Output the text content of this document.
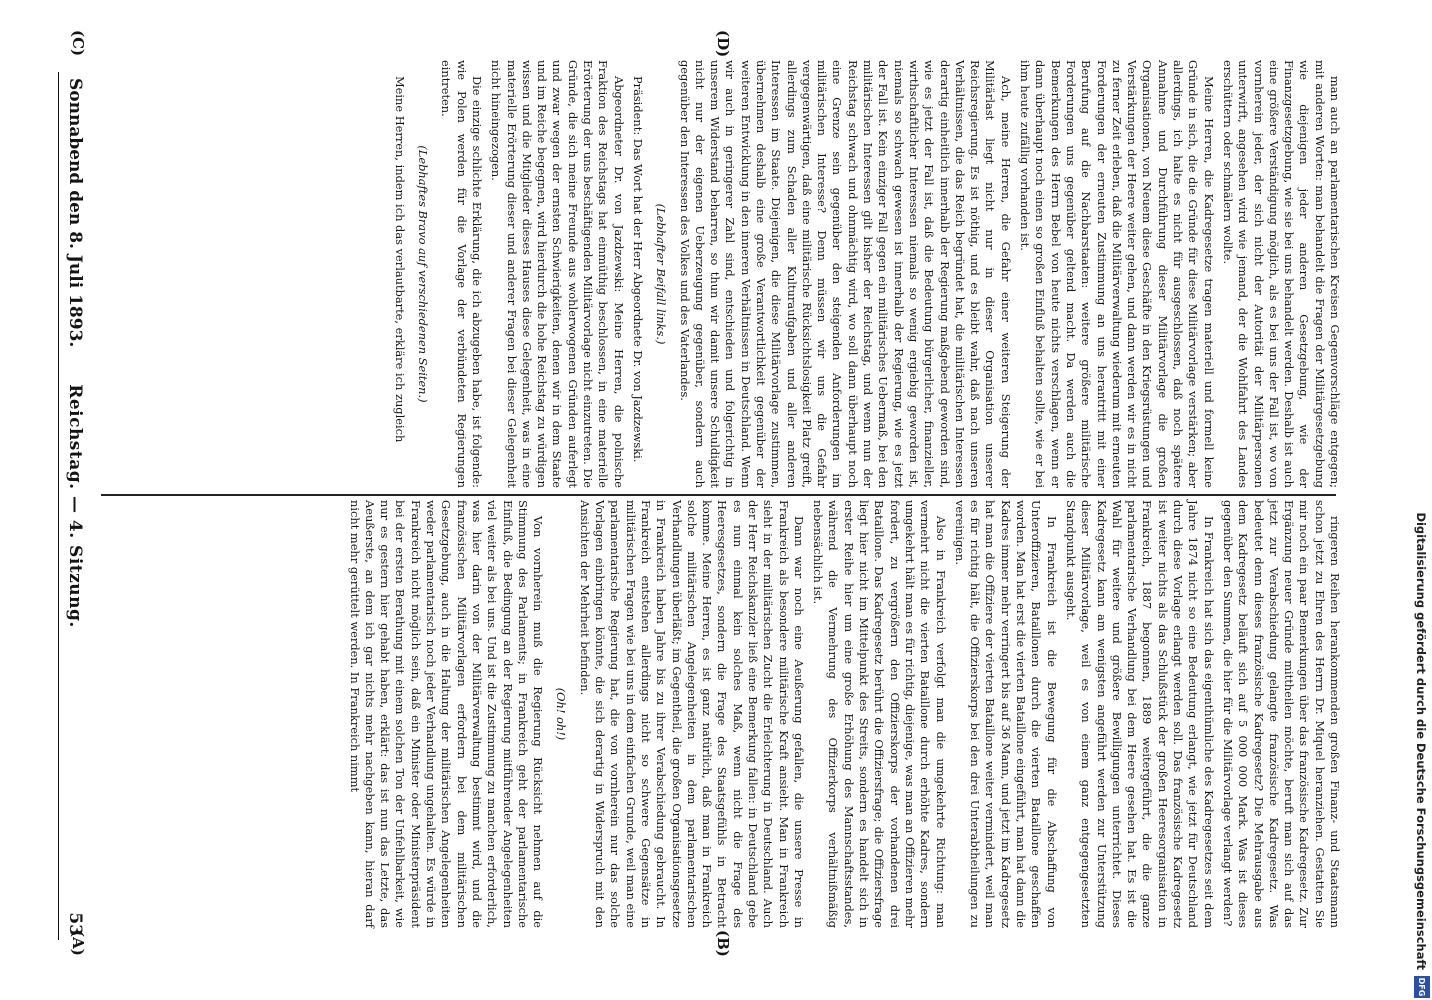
Sonnabend den 8. Juli 1893.
Reichstag. — 4. Sitzung.
53
(A)	(B)
(C)	(D)

ringeren Reihen herankommenden großen Finanz- und Staatsmann schon jetzt zu Ehren des Herrn Dr. Miquel heranziehen. Gestatten Sie mir noch ein paar Bemerkungen über das französische Kadregesetz. Zur Ergänzung neuer Gründe mittheilen möchte, beruft man sich auf das jetzt zur Verabschiedung gelangte französische Kadregesetz. Was bedeutet denn dieses französische Kadregesetz? Die Mehrausgabe aus dem Kadregesetz beläuft sich auf 5 000 000 Mark. Was ist dieses gegenüber den Summen, die hier für die Militärvorlage verlangt werden?

In Frankreich hat sich das eigenthümliche des Kadregesetzes seit dem Jahre 1874 nicht so eine Bedeutung erlangt, wie jetzt für Deutschland durch diese Vorlage erlangt werden soll. Das französische Kadregesetz ist weiter nichts als das Schlußstück der großen Heeresorganisation in Frankreich, 1887 begonnen, 1889 weitergeführt, die die ganze parlamentarische Verhandlung bei dem Heere gesehen hat. Es ist die Wahl für weitere und größere Bewilligungen unterrichtet. Dieses Kadregesetz kann am wenigsten angeführt werden zur Unterstützung dieser Militärvorlage, weil es von einem ganz entgegengesetzten Standpunkt ausgeht.

In Frankreich ist die Bewegung für die Abschaffung von Unteroffizieren, Bataillonen durch die vierten Bataillone geschaffen worden. Man hat erst die vierten Bataillone eingeführt, man hat dann die Kadres immer mehr verringert bis auf 36 Mann, und jetzt im Kadregesetz hat man die Offiziere der vierten Bataillone weiter vermindert, weil man es für richtig hält, die Offizierskorps bei den drei Unterabtheilungen zu vereinigen.

Also in Frankreich verfolgt man die umgekehrte Richtung: man vermehrt nicht die vierten Bataillone durch erhöhte Kadres, sondern umgekehrt hält man es für richtig, diejenige, was man an Offizieren mehr fordert, zu vergrößern den Offizierskorps der vorhandenen drei Bataillone. Das Kadregesetz berührt die Offiziersfrage; die Offiziersfrage liegt hier nicht im Mittelpunkt des Streits, sondern es handelt sich in erster Reihe hier um eine große Erhöhung des Mannschaftsstandes, während die Vermehrung des Offizierkorps verhältnißmäßig nebensächlich ist.

Dann war noch eine Aeußerung gefallen, die unsere Presse in Frankreich als besondere militärische Kraft ansieht. Man in Frankreich sieht in der militärischen Zucht die Erleichterung in Deutschland. Auch der Herr Reichskanzler ließ eine Bemerkung fallen: in Deutschland gebe es nun einmal kein solches Maß, wenn nicht die Frage des Heeresgesetzes, sondern die Frage des Staatsgefühls in Betracht komme. Meine Herren, es ist ganz natürlich, daß man in Frankreich solche militärischen Angelegenheiten in dem parlamentarischen Verhandlungen überläßt; im Gegentheil, die großen Organisationsgesetze in Frankreich haben Jahre bis zu ihrer Verabschiedung gebraucht. In Frankreich entstehen allerdings nicht so schwere Gegensätze in militärischen Fragen wie bei uns in dem einfachen Grunde, weil man eine parlamentarische Regierung hat, die von vornherein nur das solche Vorlagen einbringen könnte, die sich derartig in Widerspruch mit den Ansichten der Mehrheit befinden.

(Oh! oh!)

Von vornherein muß die Regierung Rücksicht nehmen auf die Stimmung des Parlaments; in Frankreich geht der parlamentarische Einfluß, die Bedingung an der Regierung mitführender Angelegenheiten viel weiter als bei uns. Und ist die Zustimmung zu manchen erforderlich, was hier darin von der Militärverwaltung bestimmt wird, und die französischen Militärvorlagen erfordern bei dem militärischen Gesetzgebung, auch in die Haltung der militärischen Angelegenheiten weder parlamentarisch noch jeder Verhandlung ungehalten. Es würde in Frankreich nicht möglich sein, daß ein Minister oder Ministerpräsident bei der ersten Berathung mit einem solchen Ton der Unfehlbarkeit, wie nur es gestern hier gehabt haben, erklärt: das ist nun das Letzte, das Aeußerste, an dem ich gar nichts mehr nachgeben kann, hieran darf nicht mehr gerüttelt werden. In Frankreich nimmt

man auch an parlamentarischen Kreisen Gegenvorschläge entgegen; mit anderen Worten: man behandelt die Fragen der Militärgesetzgebung wie diejenigen jeder anderen Gesetzgebung, wie der Finanzgesetzgebung, wie sie bei uns behandelt werden. Deshalb ist auch eine größere Verständigung möglich, als es bei uns der Fall ist, wo von vornherein jeder, der sich nicht der Autorität der Militärpersonen unterwirft, angesehen wird wie jemand, der die Wohlfahrt des Landes erschüttern oder schmälern wollte.

Meine Herren, die Kadregesetze tragen materiell und formell keine Gründe in sich, die die Gründe für diese Militärvorlage verstärken; aber allerdings, ich halte es nicht für ausgeschlossen, daß noch spätere Annahme und Durchführung dieser Militärvorlage die großen Organisationen, von Neuem diese Geschäfte in den Kriegsrüstungen und Verstärkungen der Heere weiter gehen, und dann werden wir es in nicht zu ferner Zeit erleben, daß die Militärverwaltung wiederum mit erneuten Forderungen der erneuten Zustimmung an uns herantritt mit einer Berufung auf die Nachbarstaaten: weitere größere militärische Forderungen uns gegenüber geltend macht. Da werden auch die Bemerkungen des Herrn Bebel von heute nichts verschlagen, wenn er dann überhaupt noch einen so großen Einfluß behalten sollte, wie er bei ihm heute zufällig vorhanden ist.

Ach, meine Herren, die Gefahr einer weiteren Steigerung der Militärlast liegt nicht nur in dieser Organisation unserer Reichsregierung. Es ist nöthig, und es bleibt wahr, daß nach unseren Verhältnissen, die das Reich begründet hat, die militärischen Interessen derartig einheitlich innerhalb der Regierung maßgebend geworden sind, wie es jetzt der Fall ist, daß die Bedeutung bürgerlicher, finanzieller, wirthschaftlicher Interessen niemals so wenig ergiebig geworden ist, niemals so schwach gewesen ist innerhalb der Regierung, wie es jetzt der Fall ist. Kein einziger Fall gegen ein militärisches Uebermaß, bei den militärischen Interessen gilt bisher der Reichstag, und wenn nun der Reichstag schwach und ohnmächtig wird, wo soll dann überhaupt noch eine Grenze sein gegenüber den steigenden Anforderungen im militärischen Interesse? Denn müssen wir uns die Gefahr vergegenwärtigen, daß eine militärische Rücksichtslosigkeit Platz greift, allerdings zum Schaden aller Kulturaufgaben und aller anderen Interessen im Staate. Diejenigen, die diese Militärvorlage zustimmen, übernehmen deshalb eine große Verantwortlichkeit gegenüber der weiteren Entwicklung in den inneren Verhältnissen in Deutschland. Wenn wir auch in geringerer Zahl sind, entschieden und folgerichtig in unserem Widerstand beharren, so thun wir damit unsere Schuldigkeit nicht nur der eigenen Ueberzeugung gegenüber, sondern auch gegenüber den Interessen des Volkes und des Vaterlandes.

(Lebhafter Beifall links.)

Präsident: Das Wort hat der Herr Abgeordnete Dr. von Jazdzewski.

Abgeordneter Dr. von Jazdzewski: Meine Herren, die polnische Fraktion des Reichstags hat einmüthig beschlossen, in eine materielle Erörterung der uns beschäftigenden Militärvorlage nicht einzutreten. Die Gründe, die sich meine Freunde aus wohlerwogenen Gründen auferlegt und zwar wegen der ernsten Schwierigkeiten, denen wir in dem Staate und im Reiche begegnen, wird hierdurch die hohe Reichstag zu würdigen wissen und die Mitglieder dieses Hauses diese Gelegenheit, was in eine materielle Erörterung dieser und anderer Fragen bei dieser Gelegenheit nicht hineingezogen.

Die einzige schlichte Erklärung, die ich abzugeben habe, ist folgende: wie Polen werden für die Vorlage der verbündeten Regierungen eintreten.

(Lebhaftes Bravo auf verschiedenen Seiten.)

Meine Herren, indem ich das verlautbarte, erkläre ich zugleich

Digitalisierung gefördert durch die Deutsche Forschungsgemeinschaft
DFG
